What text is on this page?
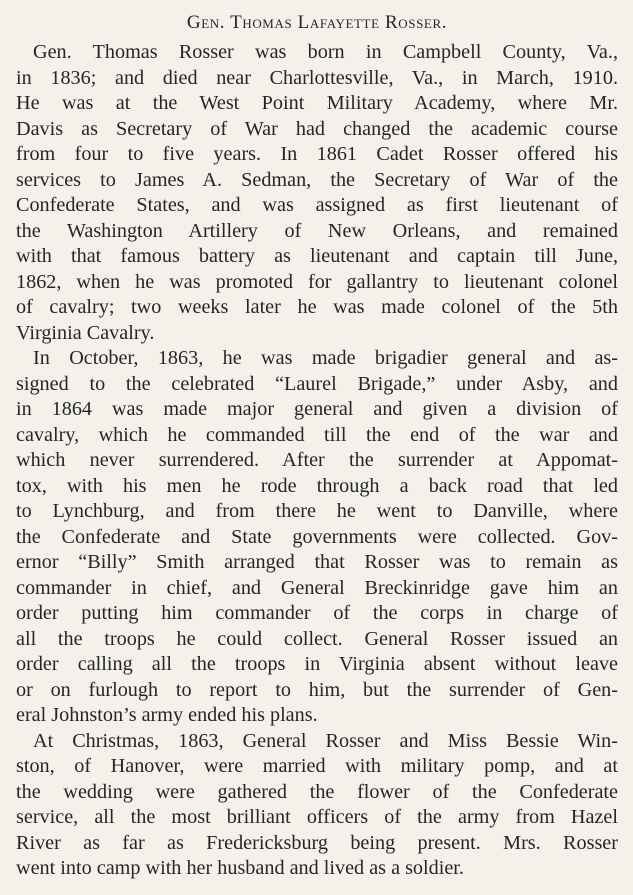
Gen. Thomas Lafayette Rosser.
Gen. Thomas Rosser was born in Campbell County, Va.,
in 1836; and died near Charlottesville, Va., in March, 1910.
He was at the West Point Military Academy, where Mr.
Davis as Secretary of War had changed the academic course
from four to five years. In 1861 Cadet Rosser offered his
services to James A. Sedman, the Secretary of War of the
Confederate States, and was assigned as first lieutenant of
the Washington Artillery of New Orleans, and remained
with that famous battery as lieutenant and captain till June,
1862, when he was promoted for gallantry to lieutenant colonel
of cavalry; two weeks later he was made colonel of the 5th
Virginia Cavalry.
In October, 1863, he was made brigadier general and as-
signed to the celebrated “Laurel Brigade,” under Asby, and
in 1864 was made major general and given a division of
cavalry, which he commanded till the end of the war and
which never surrendered. After the surrender at Appomat-
tox, with his men he rode through a back road that led
to Lynchburg, and from there he went to Danville, where
the Confederate and State governments were collected. Gov-
ernor “Billy” Smith arranged that Rosser was to remain as
commander in chief, and General Breckinridge gave him an
order putting him commander of the corps in charge of
all the troops he could collect. General Rosser issued an
order calling all the troops in Virginia absent without leave
or on furlough to report to him, but the surrender of Gen-
eral Johnston’s army ended his plans.
At Christmas, 1863, General Rosser and Miss Bessie Win-
ston, of Hanover, were married with military pomp, and at
the wedding were gathered the flower of the Confederate
service, all the most brilliant officers of the army from Hazel
River as far as Fredericksburg being present. Mrs. Rosser
went into camp with her husband and lived as a soldier.
